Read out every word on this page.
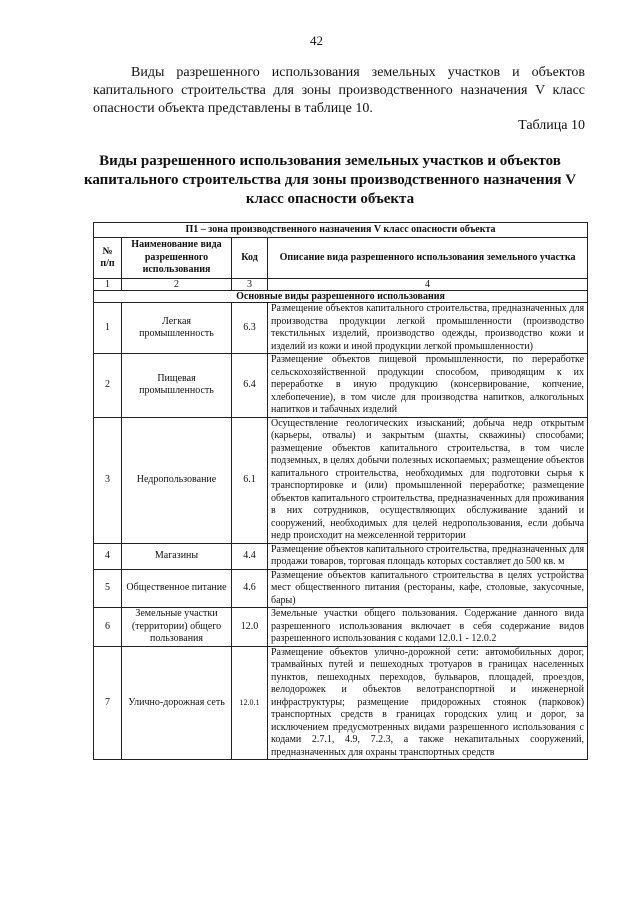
42

Виды разрешенного использования земельных участков и объектов капитального строительства для зоны производственного назначения V класс опасности объекта представлены в таблице 10.

Таблица 10

Виды разрешенного использования земельных участков и объектов капитального строительства для зоны производственного назначения V класс опасности объекта

П1 – зона производственного назначения V класс опасности объекта			
№ п/п	Наименование вида разрешенного использования	Код	Описание вида разрешенного использования земельного участка
1	2	3	4
Основные виды разрешенного использования			
1	Легкая промышленность	6.3	Размещение объектов капитального строительства, предназначенных для производства продукции легкой промышленности (производство текстильных изделий, производство одежды, производство кожи и изделий из кожи и иной продукции легкой промышленности)
2	Пищевая промышленность	6.4	Размещение объектов пищевой промышленности, по переработке сельскохозяйственной продукции способом, приводящим к их переработке в иную продукцию (консервирование, копчение, хлебопечение), в том числе для производства напитков, алкогольных напитков и табачных изделий
3	Недропользование	6.1	Осуществление геологических изысканий; добыча недр открытым (карьеры, отвалы) и закрытым (шахты, скважины) способами; размещение объектов капитального строительства, в том числе подземных, в целях добычи полезных ископаемых; размещение объектов капитального строительства, необходимых для подготовки сырья к транспортировке и (или) промышленной переработке; размещение объектов капитального строительства, предназначенных для проживания в них сотрудников, осуществляющих обслуживание зданий и сооружений, необходимых для целей недропользования, если добыча недр происходит на межселенной территории
4	Магазины	4.4	Размещение объектов капитального строительства, предназначенных для продажи товаров, торговая площадь которых составляет до 500 кв. м
5	Общественное питание	4.6	Размещение объектов капитального строительства в целях устройства мест общественного питания (рестораны, кафе, столовые, закусочные, бары)
6	Земельные участки (территории) общего пользования	12.0	Земельные участки общего пользования. Содержание данного вида разрешенного использования включает в себя содержание видов разрешенного использования с кодами 12.0.1 - 12.0.2
7	Улично-дорожная сеть	12.0.1	Размещение объектов улично-дорожной сети: автомобильных дорог, трамвайных путей и пешеходных тротуаров в границах населенных пунктов, пешеходных переходов, бульваров, площадей, проездов, велодорожек и объектов велотранспортной и инженерной инфраструктуры; размещение придорожных стоянок (парковок) транспортных средств в границах городских улиц и дорог, за исключением предусмотренных видами разрешенного использования с кодами 2.7.1, 4.9, 7.2.3, а также некапитальных сооружений, предназначенных для охраны транспортных средств
